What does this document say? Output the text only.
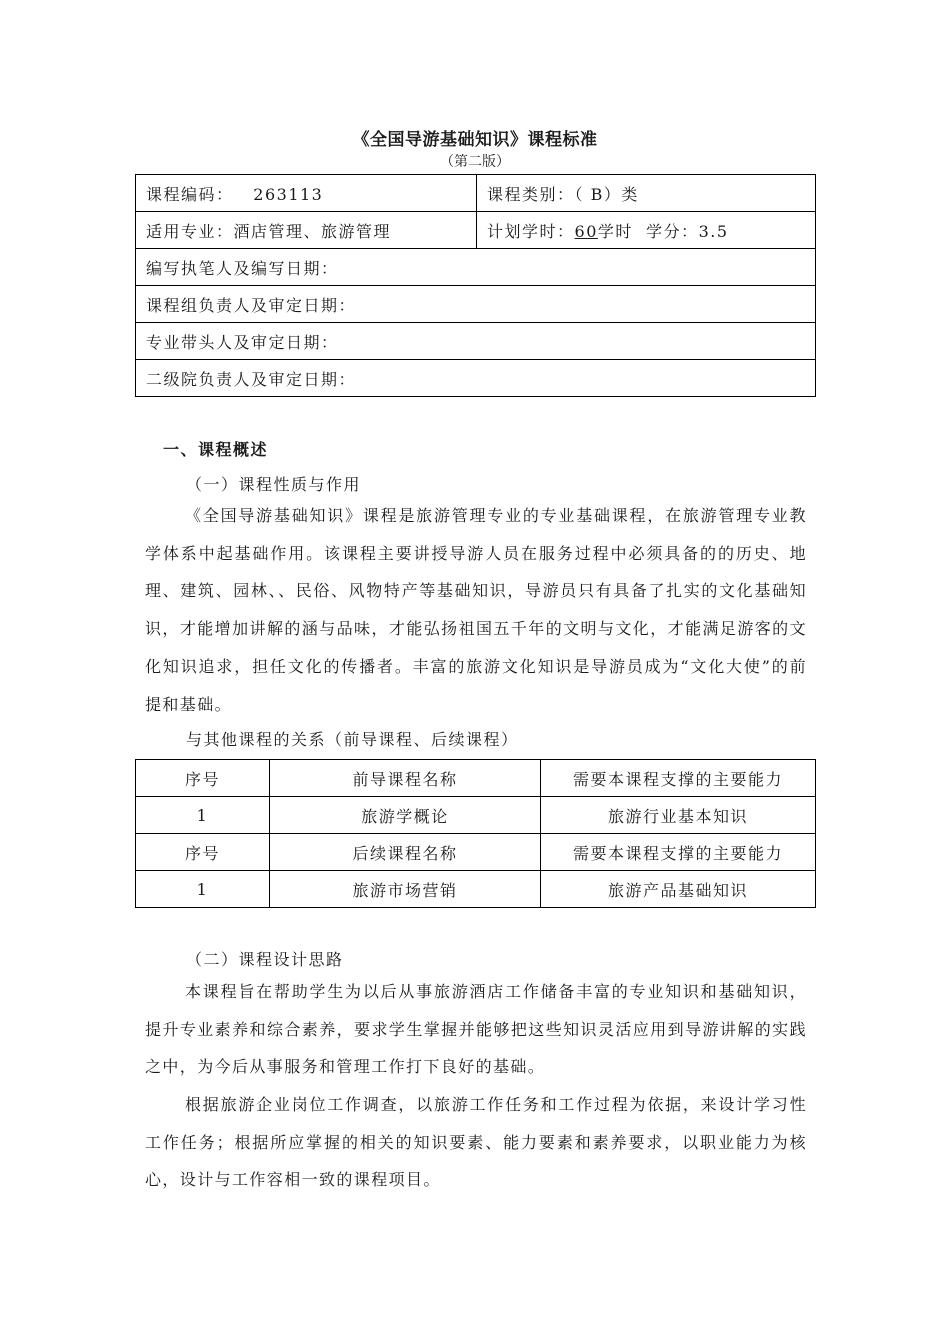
《全国导游基础知识》课程标准
（第二版）
课程编码： 263113	课程类别：（ B）类
适用专业：酒店管理、旅游管理	计划学时：60学时 学分：3.5
编写执笔人及编写日期：	
课程组负责人及审定日期：	
专业带头人及审定日期：	
二级院负责人及审定日期：	
一、课程概述
（一）课程性质与作用

《全国导游基础知识》课程是旅游管理专业的专业基础课程，在旅游管理专业教学体系中起基础作用。该课程主要讲授导游人员在服务过程中必须具备的的历史、地理、建筑、园林、、民俗、风物特产等基础知识，导游员只有具备了扎实的文化基础知识，才能增加讲解的涵与品味，才能弘扬祖国五千年的文明与文化，才能满足游客的文化知识追求，担任文化的传播者。丰富的旅游文化知识是导游员成为“文化大使”的前提和基础。

与其他课程的关系（前导课程、后续课程）
序号	前导课程名称	需要本课程支撑的主要能力
1	旅游学概论	旅游行业基本知识
序号	后续课程名称	需要本课程支撑的主要能力
1	旅游市场营销	旅游产品基础知识
（二）课程设计思路

本课程旨在帮助学生为以后从事旅游酒店工作储备丰富的专业知识和基础知识，提升专业素养和综合素养，要求学生掌握并能够把这些知识灵活应用到导游讲解的实践之中，为今后从事服务和管理工作打下良好的基础。

根据旅游企业岗位工作调查，以旅游工作任务和工作过程为依据，来设计学习性工作任务；根据所应掌握的相关的知识要素、能力要素和素养要求，以职业能力为核心，设计与工作容相一致的课程项目。
